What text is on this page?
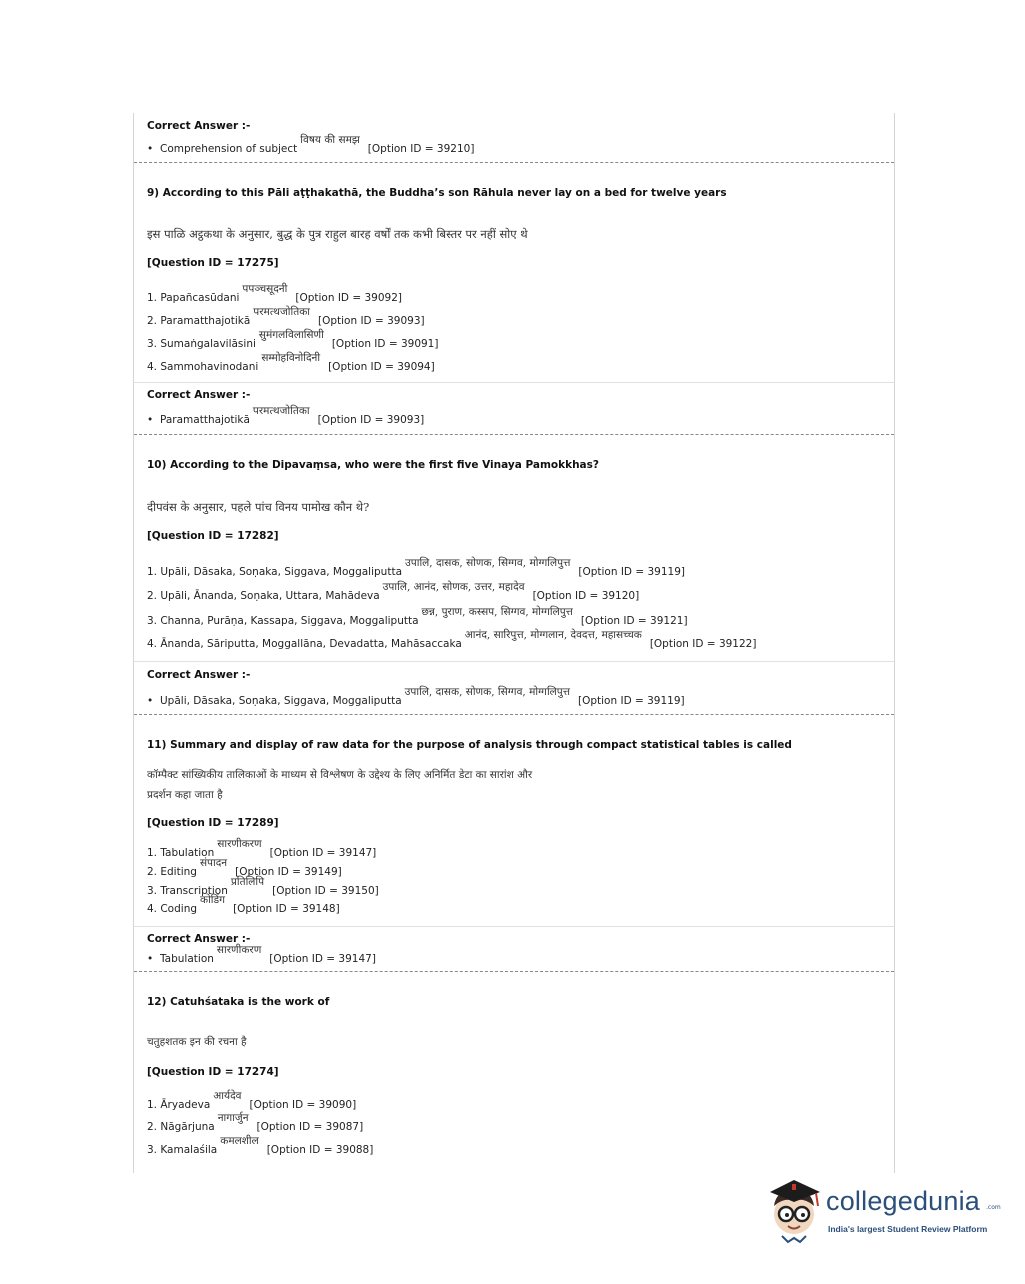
Correct Answer :-
• Comprehension of subjectविषय की समझ[Option ID = 39210]
9) According to this Pāli aṭṭhakathā, the Buddha’s son Rāhula never lay on a bed for twelve years
इस पाळि अट्ठकथा के अनुसार, बुद्ध के पुत्र राहुल बारह वर्षों तक कभी बिस्तर पर नहीं सोए थे
[Question ID = 17275]
1. Papañcasūdaniपपञ्चसूदनी[Option ID = 39092]
2. Paramatthajotikāपरमत्थजोतिका[Option ID = 39093]
3. Sumaṅgalavilāsiniसुमंगलविलासिणी[Option ID = 39091]
4. Sammohavinodaniसम्मोहविनोदिनी[Option ID = 39094]
Correct Answer :-
• Paramatthajotikāपरमत्थजोतिका[Option ID = 39093]
10) According to the Dipavaṃsa, who were the first five Vinaya Pamokkhas?
दीपवंस के अनुसार, पहले पांच विनय पामोख कौन थे?
[Question ID = 17282]
1. Upāli, Dāsaka, Soṇaka, Siggava, Moggaliputtaउपालि, दासक, सोणक, सिग्गव, मोग्गलिपुत्त[Option ID = 39119]
2. Upāli, Ānanda, Soṇaka, Uttara, Mahādevaउपालि, आनंद, सोणक, उत्तर, महादेव[Option ID = 39120]
3. Channa, Purāṇa, Kassapa, Siggava, Moggaliputtaछन्न, पुराण, कस्सप, सिग्गव, मोग्गलिपुत्त[Option ID = 39121]
4. Ānanda, Sāriputta, Moggallāna, Devadatta, Mahāsaccakaआनंद, सारिपुत्त, मोग्गलान, देवदत्त, महासच्चक[Option ID = 39122]
Correct Answer :-
• Upāli, Dāsaka, Soṇaka, Siggava, Moggaliputtaउपालि, दासक, सोणक, सिग्गव, मोग्गलिपुत्त[Option ID = 39119]
11) Summary and display of raw data for the purpose of analysis through compact statistical tables is called
कॉम्पैक्ट सांख्यिकीय तालिकाओं के माध्यम से विश्लेषण के उद्देश्य के लिए अनिर्मित डेटा का सारांश और
प्रदर्शन कहा जाता है
[Question ID = 17289]
1. Tabulationसारणीकरण[Option ID = 39147]
2. Editingसंपादन[Option ID = 39149]
3. Transcriptionप्रतिलिपि[Option ID = 39150]
4. Codingकोडिंग[Option ID = 39148]
Correct Answer :-
• Tabulationसारणीकरण[Option ID = 39147]
12) Catuhśataka is the work of
चतुहशतक इन की रचना है
[Question ID = 17274]
1. Āryadevaआर्यदेव[Option ID = 39090]
2. Nāgārjunaनागार्जुन[Option ID = 39087]
3. Kamalaśilaकमलशील[Option ID = 39088]
collegedunia .com
India's largest Student Review Platform
